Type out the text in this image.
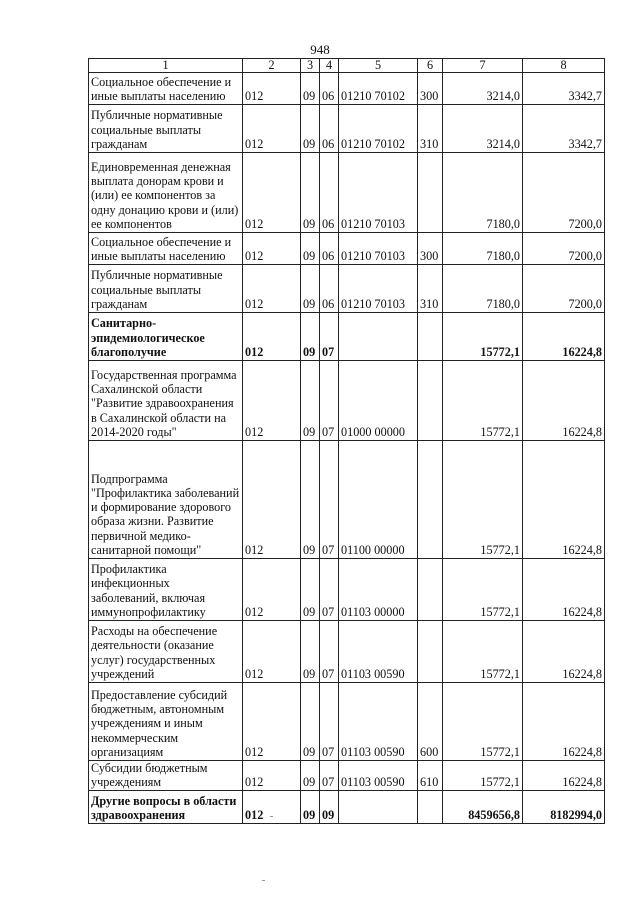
948
1	2	3	4	5	6	7	8
Социальное обеспечение и иные выплаты населению	012	09	06	01210 70102	300	3214,0	3342,7
Публичные нормативные социальные выплаты гражданам	012	09	06	01210 70102	310	3214,0	3342,7
Единовременная денежная выплата донорам крови и (или) ее компонентов за одну донацию крови и (или) ее компонентов	012	09	06	01210 70103		7180,0	7200,0
Социальное обеспечение и иные выплаты населению	012	09	06	01210 70103	300	7180,0	7200,0
Публичные нормативные социальные выплаты гражданам	012	09	06	01210 70103	310	7180,0	7200,0
Санитарно-эпидемиологическое благополучие	012	09	07			15772,1	16224,8
Государственная программа Сахалинской области "Развитие здравоохранения в Сахалинской области на 2014-2020 годы"	012	09	07	01000 00000		15772,1	16224,8
Подпрограмма "Профилактика заболеваний и формирование здорового образа жизни. Развитие первичной медико-санитарной помощи"	012	09	07	01100 00000		15772,1	16224,8
Профилактика инфекционных заболеваний, включая иммунопрофилактику	012	09	07	01103 00000		15772,1	16224,8
Расходы на обеспечение деятельности (оказание услуг) государственных учреждений	012	09	07	01103 00590		15772,1	16224,8
Предоставление субсидий бюджетным, автономным учреждениям и иным некоммерческим организациям	012	09	07	01103 00590	600	15772,1	16224,8
Субсидии бюджетным учреждениям	012	09	07	01103 00590	610	15772,1	16224,8
Другие вопросы в области здравоохранения	012	09	09			8459656,8	8182994,0
